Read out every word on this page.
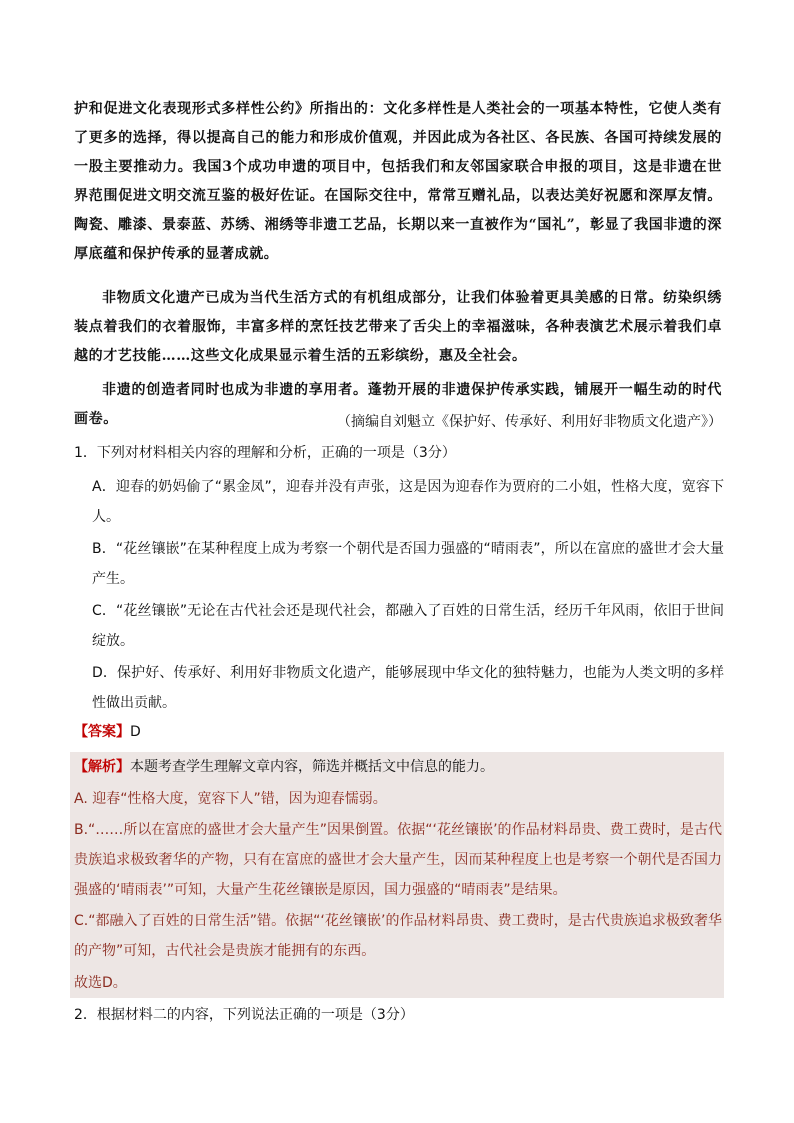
护和促进文化表现形式多样性公约》所指出的：文化多样性是人类社会的一项基本特性，它使人类有了更多的选择，得以提高自己的能力和形成价值观，并因此成为各社区、各民族、各国可持续发展的一股主要推动力。我国3个成功申遗的项目中，包括我们和友邻国家联合申报的项目，这是非遗在世界范围促进文明交流互鉴的极好佐证。在国际交往中，常常互赠礼品，以表达美好祝愿和深厚友情。陶瓷、雕漆、景泰蓝、苏绣、湘绣等非遗工艺品，长期以来一直被作为“国礼”，彰显了我国非遗的深厚底蕴和保护传承的显著成就。

非物质文化遗产已成为当代生活方式的有机组成部分，让我们体验着更具美感的日常。纺染织绣装点着我们的衣着服饰，丰富多样的烹饪技艺带来了舌尖上的幸福滋味，各种表演艺术展示着我们卓越的才艺技能……这些文化成果显示着生活的五彩缤纷，惠及全社会。

非遗的创造者同时也成为非遗的享用者。蓬勃开展的非遗保护传承实践，铺展开一幅生动的时代画卷。	（摘编自刘魁立《保护好、传承好、利用好非物质文化遗产》）

1．下列对材料相关内容的理解和分析，正确的一项是（3分）

A．迎春的奶妈偷了“累金凤”，迎春并没有声张，这是因为迎春作为贾府的二小姐，性格大度，宽容下人。

B．“花丝镶嵌”在某种程度上成为考察一个朝代是否国力强盛的“晴雨表”，所以在富庶的盛世才会大量产生。

C．“花丝镶嵌”无论在古代社会还是现代社会，都融入了百姓的日常生活，经历千年风雨，依旧于世间绽放。

D．保护好、传承好、利用好非物质文化遗产，能够展现中华文化的独特魅力，也能为人类文明的多样性做出贡献。

【答案】D

【解析】本题考查学生理解文章内容，筛选并概括文中信息的能力。

A. 迎春“性格大度，宽容下人”错，因为迎春懦弱。

B.“……所以在富庶的盛世才会大量产生”因果倒置。依据“‘花丝镶嵌’的作品材料昂贵、费工费时，是古代贵族追求极致奢华的产物，只有在富庶的盛世才会大量产生，因而某种程度上也是考察一个朝代是否国力强盛的‘晴雨表’”可知，大量产生花丝镶嵌是原因，国力强盛的“晴雨表”是结果。

C.“都融入了百姓的日常生活”错。依据“‘花丝镶嵌’的作品材料昂贵、费工费时，是古代贵族追求极致奢华的产物”可知，古代社会是贵族才能拥有的东西。

故选D。

2．根据材料二的内容，下列说法正确的一项是（3分）
